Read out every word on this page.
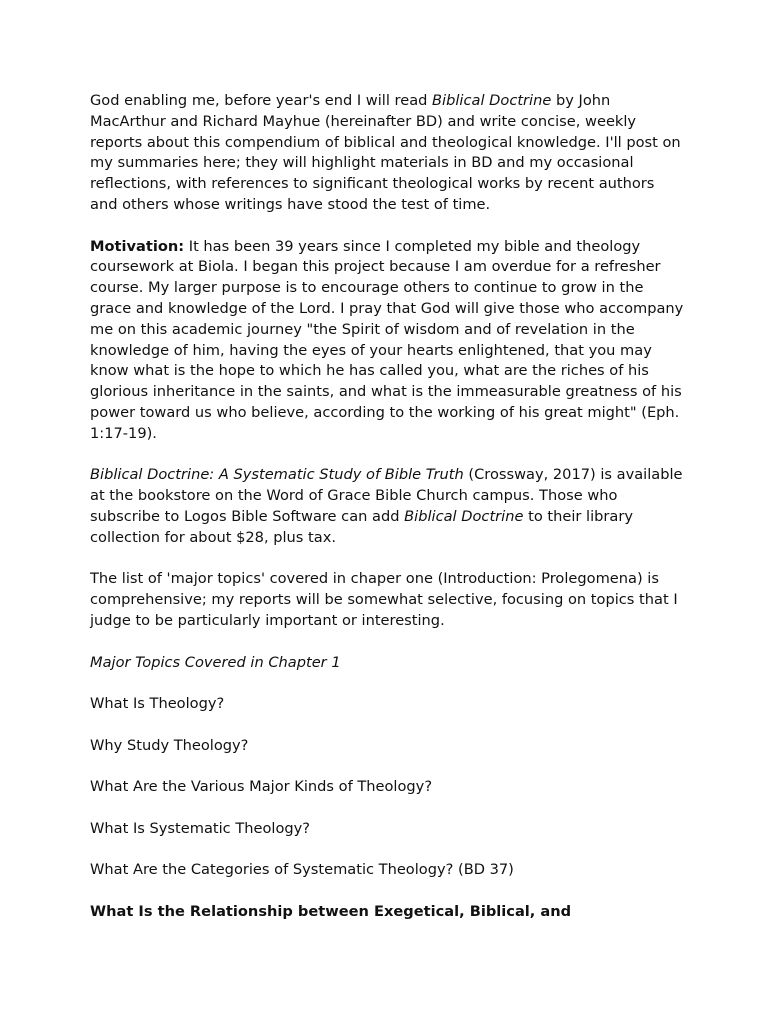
God enabling me, before year's end I will read Biblical Doctrine by John MacArthur and Richard Mayhue (hereinafter BD) and write concise, weekly reports about this compendium of biblical and theological knowledge. I'll post on my summaries here; they will highlight materials in BD and my occasional reflections, with references to significant theological works by recent authors and others whose writings have stood the test of time.

Motivation: It has been 39 years since I completed my bible and theology coursework at Biola. I began this project because I am overdue for a refresher course. My larger purpose is to encourage others to continue to grow in the grace and knowledge of the Lord. I pray that God will give those who accompany me on this academic journey "the Spirit of wisdom and of revelation in the knowledge of him, having the eyes of your hearts enlightened, that you may know what is the hope to which he has called you, what are the riches of his glorious inheritance in the saints, and what is the immeasurable greatness of his power toward us who believe, according to the working of his great might" (Eph. 1:17-19).

Biblical Doctrine: A Systematic Study of Bible Truth (Crossway, 2017) is available at the bookstore on the Word of Grace Bible Church campus. Those who subscribe to Logos Bible Software can add Biblical Doctrine to their library collection for about $28, plus tax.

The list of 'major topics' covered in chaper one (Introduction: Prolegomena) is comprehensive; my reports will be somewhat selective, focusing on topics that I judge to be particularly important or interesting.

Major Topics Covered in Chapter 1

What Is Theology?

Why Study Theology?

What Are the Various Major Kinds of Theology?

What Is Systematic Theology?

What Are the Categories of Systematic Theology? (BD 37)

What Is the Relationship between Exegetical, Biblical, and
